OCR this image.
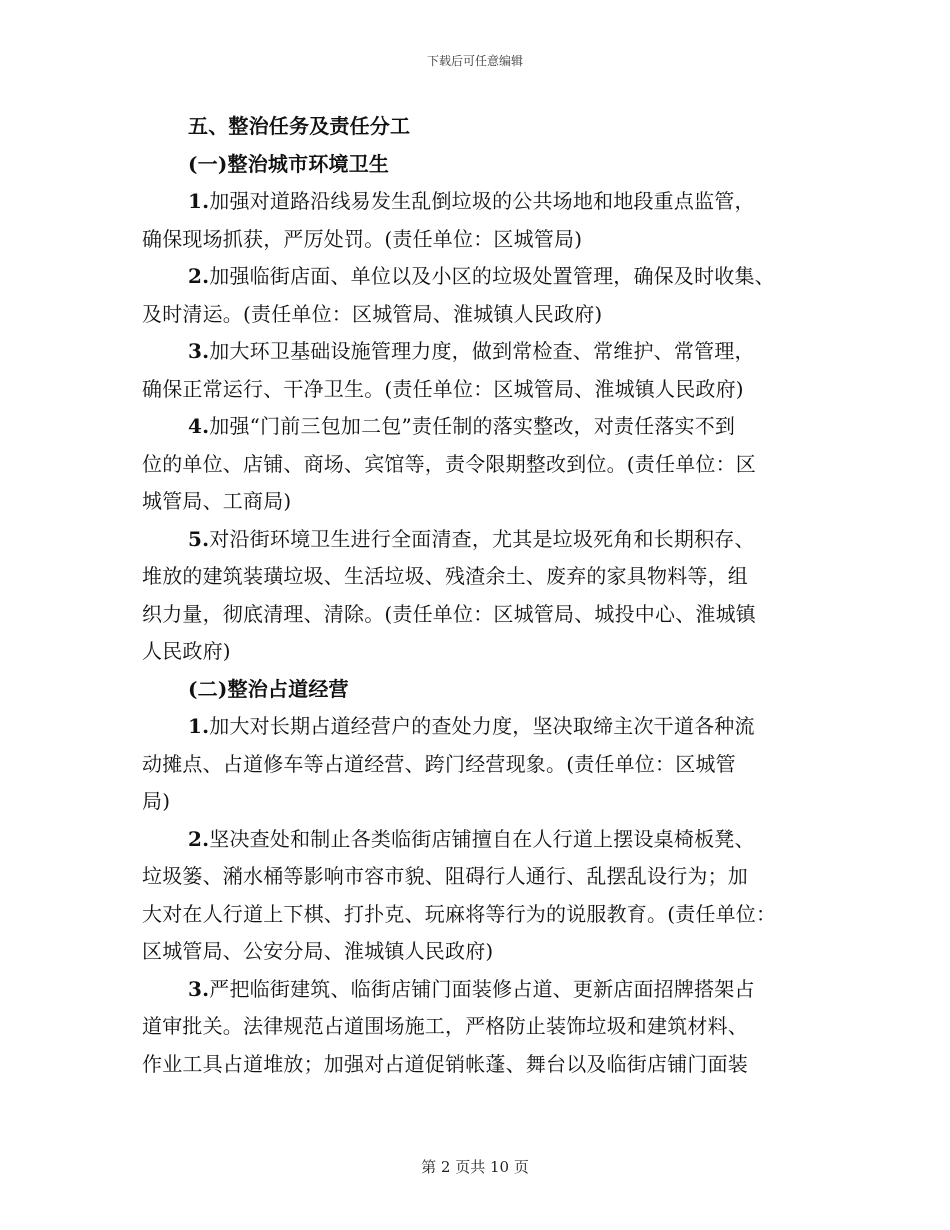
下载后可任意编辑
五、整治任务及责任分工
(一)整治城市环境卫生
1.加强对道路沿线易发生乱倒垃圾的公共场地和地段重点监管，
确保现场抓获，严厉处罚。(责任单位：区城管局)
2.加强临街店面、单位以及小区的垃圾处置管理，确保及时收集、
及时清运。(责任单位：区城管局、淮城镇人民政府)
3.加大环卫基础设施管理力度，做到常检查、常维护、常管理，
确保正常运行、干净卫生。(责任单位：区城管局、淮城镇人民政府)
4.加强“门前三包加二包”责任制的落实整改，对责任落实不到
位的单位、店铺、商场、宾馆等，责令限期整改到位。(责任单位：区
城管局、工商局)
5.对沿街环境卫生进行全面清查，尤其是垃圾死角和长期积存、
堆放的建筑装璜垃圾、生活垃圾、残渣余土、废弃的家具物料等，组
织力量，彻底清理、清除。(责任单位：区城管局、城投中心、淮城镇
人民政府)
(二)整治占道经营
1.加大对长期占道经营户的查处力度，坚决取缔主次干道各种流
动摊点、占道修车等占道经营、跨门经营现象。(责任单位：区城管
局)
2.坚决查处和制止各类临街店铺擅自在人行道上摆设桌椅板凳、
垃圾篓、潲水桶等影响市容市貌、阻碍行人通行、乱摆乱设行为；加
大对在人行道上下棋、打扑克、玩麻将等行为的说服教育。(责任单位：
区城管局、公安分局、淮城镇人民政府)
3.严把临街建筑、临街店铺门面装修占道、更新店面招牌搭架占
道审批关。法律规范占道围场施工，严格防止装饰垃圾和建筑材料、
作业工具占道堆放；加强对占道促销帐蓬、舞台以及临街店铺门面装
第 2 页共 10 页
